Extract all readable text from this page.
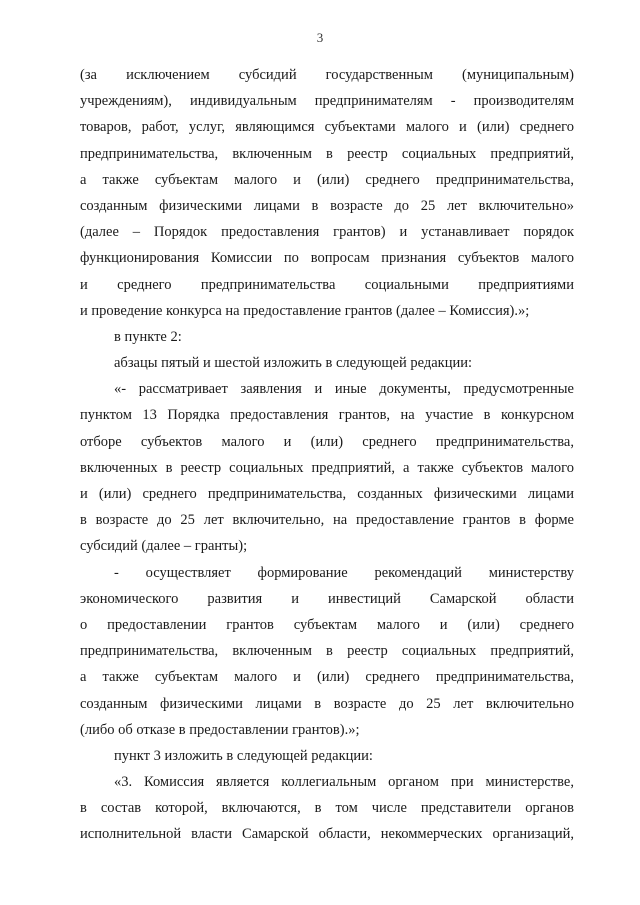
3
(за исключением субсидий государственным (муниципальным)
учреждениям), индивидуальным предпринимателям - производителям
товаров, работ, услуг, являющимся субъектами малого и (или) среднего
предпринимательства, включенным в реестр социальных предприятий,
а также субъектам малого и (или) среднего предпринимательства,
созданным физическими лицами в возрасте до 25 лет включительно»
(далее – Порядок предоставления грантов) и устанавливает порядок
функционирования Комиссии по вопросам признания субъектов малого
и среднего предпринимательства социальными предприятиями
и проведение конкурса на предоставление грантов (далее – Комиссия).»;
в пункте 2:
абзацы пятый и шестой изложить в следующей редакции:
«- рассматривает заявления и иные документы, предусмотренные
пунктом 13 Порядка предоставления грантов, на участие в конкурсном
отборе субъектов малого и (или) среднего предпринимательства,
включенных в реестр социальных предприятий, а также субъектов малого
и (или) среднего предпринимательства, созданных физическими лицами
в возрасте до 25 лет включительно, на предоставление грантов в форме
субсидий (далее – гранты);
- осуществляет формирование рекомендаций министерству
экономического развития и инвестиций Самарской области
о предоставлении грантов субъектам малого и (или) среднего
предпринимательства, включенным в реестр социальных предприятий,
а также субъектам малого и (или) среднего предпринимательства,
созданным физическими лицами в возрасте до 25 лет включительно
(либо об отказе в предоставлении грантов).»;
пункт 3 изложить в следующей редакции:
«3. Комиссия является коллегиальным органом при министерстве,
в состав которой, включаются, в том числе представители органов
исполнительной власти Самарской области, некоммерческих организаций,
